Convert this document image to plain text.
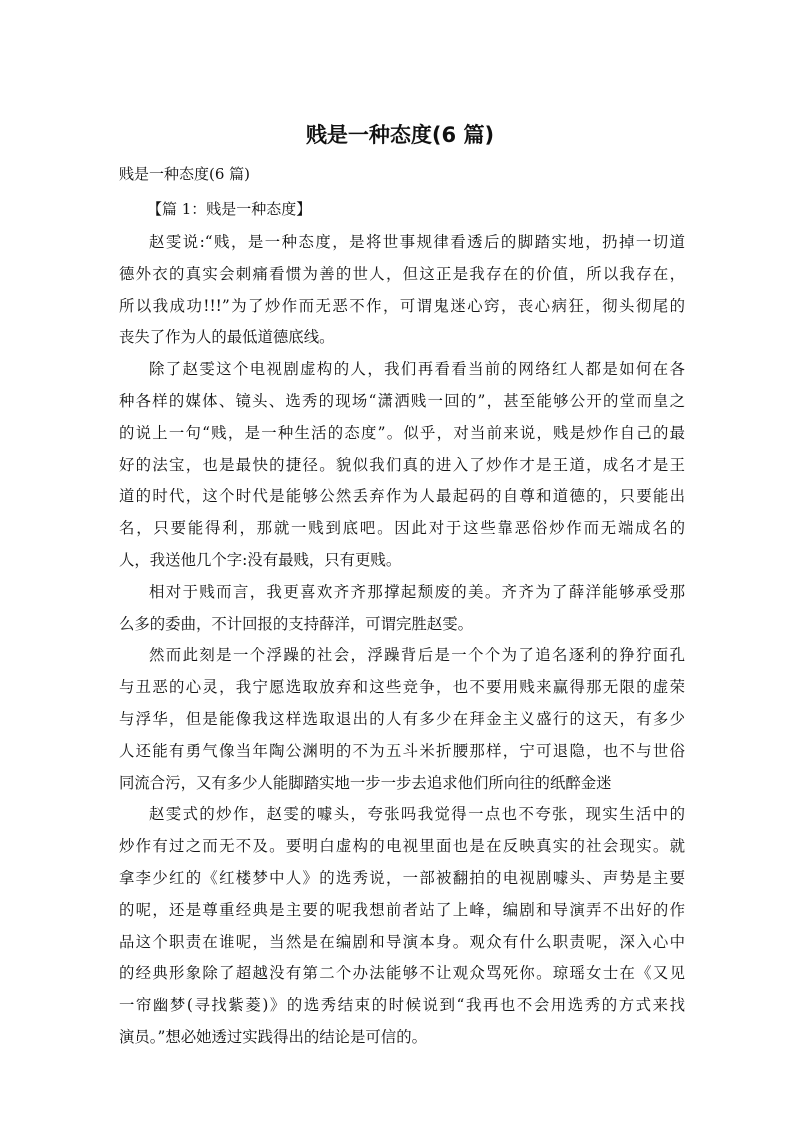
贱是一种态度(6 篇)

贱是一种态度(6 篇)

【篇 1：贱是一种态度】

赵雯说:“贱，是一种态度，是将世事规律看透后的脚踏实地，扔掉一切道
德外衣的真实会刺痛看惯为善的世人，但这正是我存在的价值，所以我存在，
所以我成功!!!”为了炒作而无恶不作，可谓鬼迷心窍，丧心病狂，彻头彻尾的
丧失了作为人的最低道德底线。

除了赵雯这个电视剧虚构的人，我们再看看当前的网络红人都是如何在各
种各样的媒体、镜头、选秀的现场“潇洒贱一回的”，甚至能够公开的堂而皇之
的说上一句“贱，是一种生活的态度”。似乎，对当前来说，贱是炒作自己的最
好的法宝，也是最快的捷径。貌似我们真的进入了炒作才是王道，成名才是王
道的时代，这个时代是能够公然丢弃作为人最起码的自尊和道德的，只要能出
名，只要能得利，那就一贱到底吧。因此对于这些靠恶俗炒作而无端成名的
人，我送他几个字:没有最贱，只有更贱。

相对于贱而言，我更喜欢齐齐那撑起颓废的美。齐齐为了薛洋能够承受那
么多的委曲，不计回报的支持薛洋，可谓完胜赵雯。

然而此刻是一个浮躁的社会，浮躁背后是一个个为了追名逐利的狰狞面孔
与丑恶的心灵，我宁愿选取放弃和这些竞争，也不要用贱来赢得那无限的虚荣
与浮华，但是能像我这样选取退出的人有多少在拜金主义盛行的这天，有多少
人还能有勇气像当年陶公渊明的不为五斗米折腰那样，宁可退隐，也不与世俗
同流合污，又有多少人能脚踏实地一步一步去追求他们所向往的纸醉金迷

赵雯式的炒作，赵雯的噱头，夸张吗我觉得一点也不夸张，现实生活中的
炒作有过之而无不及。要明白虚构的电视里面也是在反映真实的社会现实。就
拿李少红的《红楼梦中人》的选秀说，一部被翻拍的电视剧噱头、声势是主要
的呢，还是尊重经典是主要的呢我想前者站了上峰，编剧和导演弄不出好的作
品这个职责在谁呢，当然是在编剧和导演本身。观众有什么职责呢，深入心中
的经典形象除了超越没有第二个办法能够不让观众骂死你。琼瑶女士在《又见
一帘幽梦(寻找紫菱)》的选秀结束的时候说到“我再也不会用选秀的方式来找
演员。”想必她透过实践得出的结论是可信的。
